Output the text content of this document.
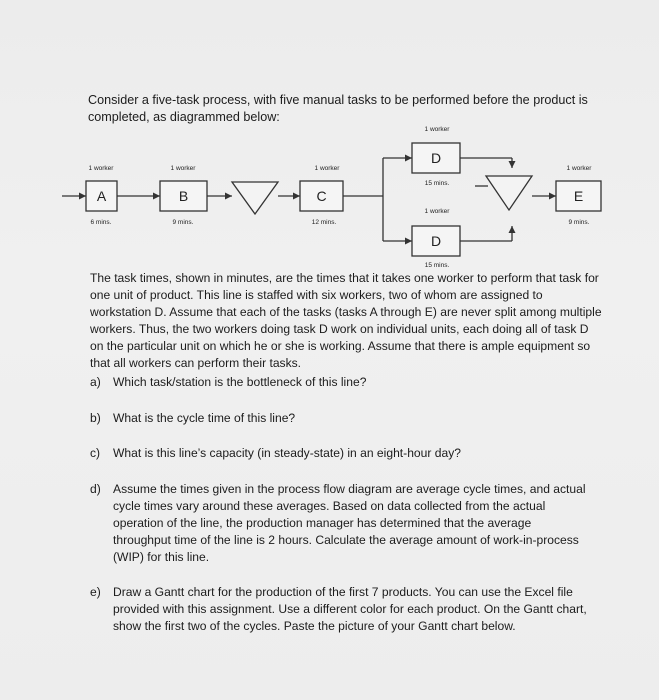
Consider a five-task process, with five manual tasks to be performed before the product is completed, as diagrammed below:
A	B	C
D
D
E
1 worker	1 worker	1 worker
1 worker
1 worker
1 worker
6 mins.	9 mins.	12 mins.
15 mins.
15 mins.
9 mins.
The task times, shown in minutes, are the times that it takes one worker to perform that task for one unit of product. This line is staffed with six workers, two of whom are assigned to workstation D. Assume that each of the tasks (tasks A through E) are never split among multiple workers. Thus, the two workers doing task D work on individual units, each doing all of task D on the particular unit on which he or she is working. Assume that there is ample equipment so that all workers can perform their tasks.
a) Which task/station is the bottleneck of this line?
b) What is the cycle time of this line?
c) What is this line’s capacity (in steady-state) in an eight-hour day?
d) Assume the times given in the process flow diagram are average cycle times, and actual cycle times vary around these averages. Based on data collected from the actual operation of the line, the production manager has determined that the average throughput time of the line is 2 hours. Calculate the average amount of work-in-process (WIP) for this line.
e) Draw a Gantt chart for the production of the first 7 products. You can use the Excel file provided with this assignment. Use a different color for each product. On the Gantt chart, show the first two of the cycles. Paste the picture of your Gantt chart below.
